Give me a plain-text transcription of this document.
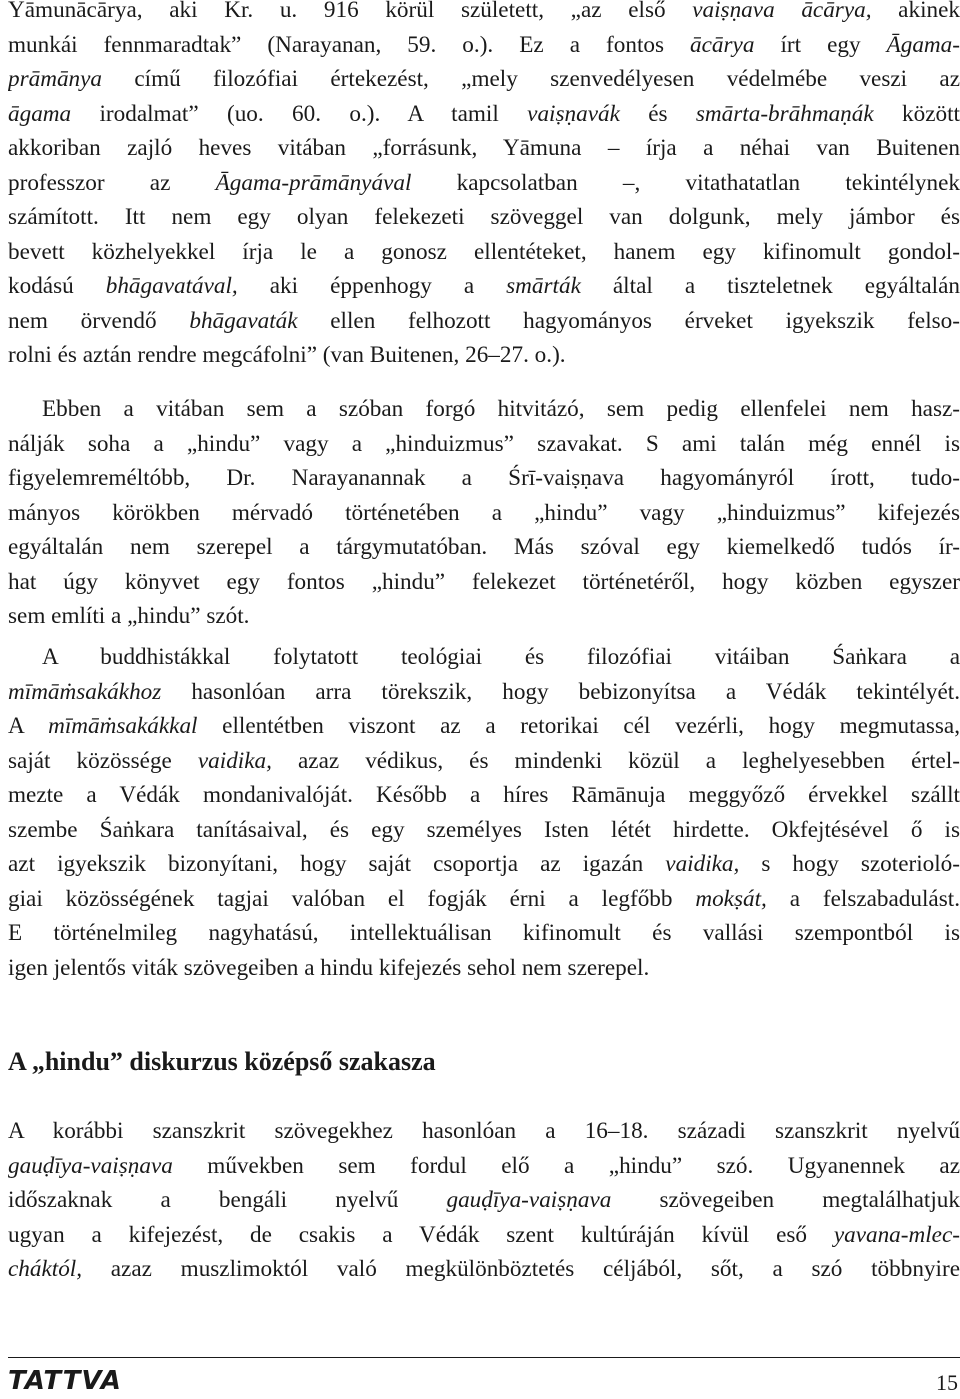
Yāmunācārya, aki Kr. u. 916 körül született, „az első vaiṣṇava ācārya, akinek
munkái fennmaradtak” (Narayanan, 59. o.). Ez a fontos ācārya írt egy Āgama-
prāmānya című filozófiai értekezést, „mely szenvedélyesen védelmébe veszi az
āgama irodalmat” (uo. 60. o.). A tamil vaiṣṇavák és smārta-brāhmaṇák között
akkoriban zajló heves vitában „forrásunk, Yāmuna – írja a néhai van Buitenen
professzor az Āgama-prāmānyával kapcsolatban –, vitathatatlan tekintélynek
számított. Itt nem egy olyan felekezeti szöveggel van dolgunk, mely jámbor és
bevett közhelyekkel írja le a gonosz ellentéteket, hanem egy kifinomult gondol-
kodású bhāgavatával, aki éppenhogy a smārták által a tiszteletnek egyáltalán
nem örvendő bhāgavaták ellen felhozott hagyományos érveket igyekszik felso-
rolni és aztán rendre megcáfolni” (van Buitenen, 26–27. o.).
Ebben a vitában sem a szóban forgó hitvitázó, sem pedig ellenfelei nem hasz-
nálják soha a „hindu” vagy a „hinduizmus” szavakat. S ami talán még ennél is
figyelemreméltóbb, Dr. Narayanannak a Śrī-vaiṣṇava hagyományról írott, tudo-
mányos körökben mérvadó történetében a „hindu” vagy „hinduizmus” kifejezés
egyáltalán nem szerepel a tárgymutatóban. Más szóval egy kiemelkedő tudós ír-
hat úgy könyvet egy fontos „hindu” felekezet történetéről, hogy közben egyszer
sem említi a „hindu” szót.
A buddhistákkal folytatott teológiai és filozófiai vitáiban Śaṅkara a
mīmāṁsakákhoz hasonlóan arra törekszik, hogy bebizonyítsa a Védák tekintélyét.
A mīmāṁsakákkal ellentétben viszont az a retorikai cél vezérli, hogy megmutassa,
saját közössége vaidika, azaz védikus, és mindenki közül a leghelyesebben értel-
mezte a Védák mondanivalóját. Később a híres Rāmānuja meggyőző érvekkel szállt
szembe Śaṅkara tanításaival, és egy személyes Isten létét hirdette. Okfejtésével ő is
azt igyekszik bizonyítani, hogy saját csoportja az igazán vaidika, s hogy szoterioló-
giai közösségének tagjai valóban el fogják érni a legfőbb mokṣát, a felszabadulást.
E történelmileg nagyhatású, intellektuálisan kifinomult és vallási szempontból is
igen jelentős viták szövegeiben a hindu kifejezés sehol nem szerepel.
A „hindu” diskurzus középső szakasza
A korábbi szanszkrit szövegekhez hasonlóan a 16–18. századi szanszkrit nyelvű
gauḍīya-vaiṣṇava művekben sem fordul elő a „hindu” szó. Ugyanennek az
időszaknak a bengáli nyelvű gauḍīya-vaiṣṇava szövegeiben megtalálhatjuk
ugyan a kifejezést, de csakis a Védák szent kultúráján kívül eső yavana-mlec-
cháktól, azaz muszlimoktól való megkülönböztetés céljából, sőt, a szó többnyire
TATTVA	15
